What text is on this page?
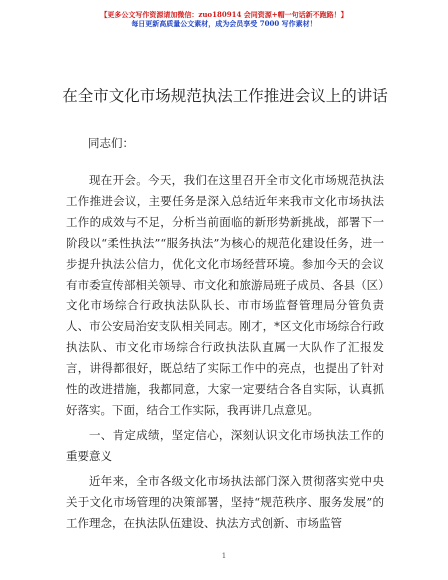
【更多公文写作资源请加微信：zuo180914 会同资源+帽一句话新不跑路！】
每日更新高质量公文素材，成为会员享受 7000 写作素材！
在全市文化市场规范执法工作推进会议上的讲话
同志们：

现在开会。今天，我们在这里召开全市文化市场规范执法工作推进会议，主要任务是深入总结近年来我市文化市场执法工作的成效与不足，分析当前面临的新形势新挑战，部署下一阶段以“柔性执法”“服务执法”为核心的规范化建设任务，进一步提升执法公信力，优化文化市场经营环境。参加今天的会议有市委宣传部相关领导、市文化和旅游局班子成员、各县（区）文化市场综合行政执法队队长、市市场监督管理局分管负责人、市公安局治安支队相关同志。刚才，*区文化市场综合行政执法队、市文化市场综合行政执法队直属一大队作了汇报发言，讲得都很好，既总结了实际工作中的亮点，也提出了针对性的改进措施，我都同意，大家一定要结合各自实际，认真抓好落实。下面，结合工作实际，我再讲几点意见。

一、肯定成绩，坚定信心，深刻认识文化市场执法工作的重要意义

近年来，全市各级文化市场执法部门深入贯彻落实党中央关于文化市场管理的决策部署，坚持“规范秩序、服务发展”的工作理念，在执法队伍建设、执法方式创新、市场监管

1
